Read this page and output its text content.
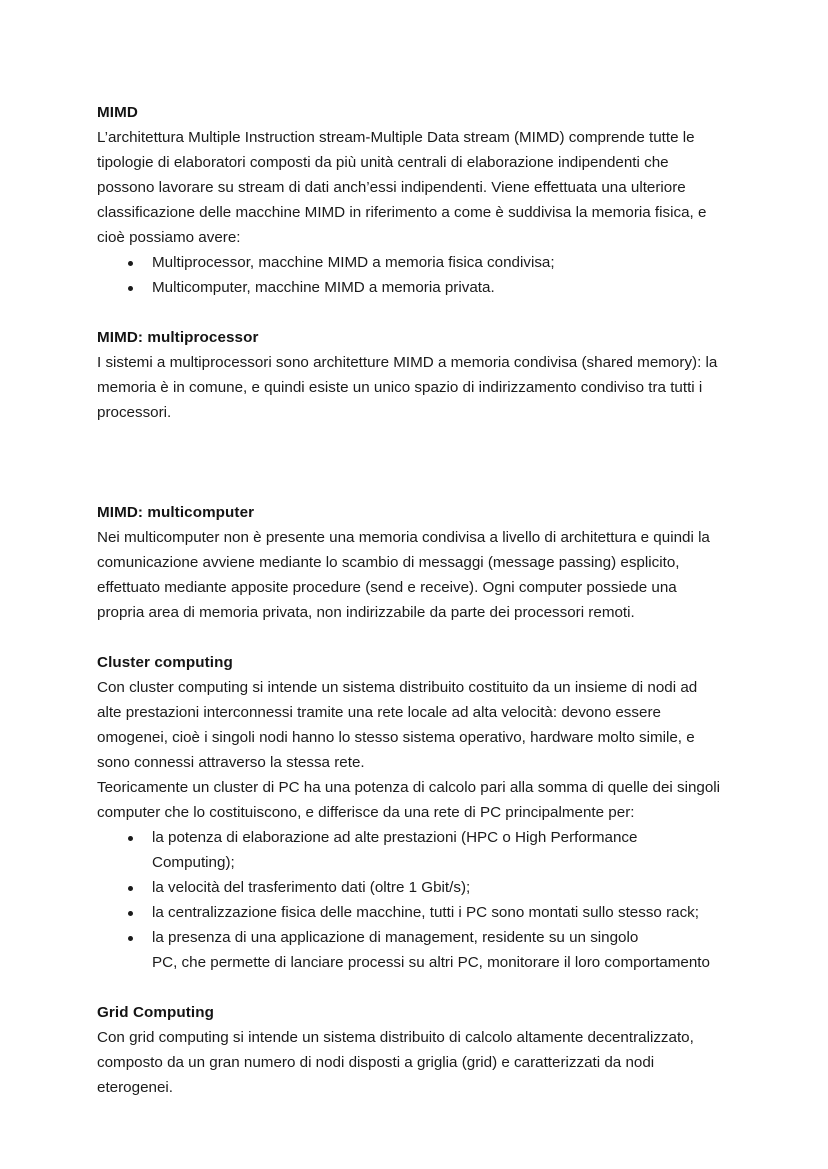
MIMD

L’architettura Multiple Instruction stream-Multiple Data stream (MIMD) comprende tutte le tipologie di elaboratori composti da più unità centrali di elaborazione indipendenti che possono lavorare su stream di dati anch’essi indipendenti. Viene effettuata una ulteriore classificazione delle macchine MIMD in riferimento a come è suddivisa la memoria fisica, e cioè possiamo avere:

Multiprocessor, macchine MIMD a memoria fisica condivisa;
Multicomputer, macchine MIMD a memoria privata.
MIMD: multiprocessor

I sistemi a multiprocessori sono architetture MIMD a memoria condivisa (shared memory): la memoria è in comune, e quindi esiste un unico spazio di indirizzamento condiviso tra tutti i processori.

MIMD: multicomputer

Nei multicomputer non è presente una memoria condivisa a livello di architettura e quindi la comunicazione avviene mediante lo scambio di messaggi (message passing) esplicito, effettuato mediante apposite procedure (send e receive). Ogni computer possiede una propria area di memoria privata, non indirizzabile da parte dei processori remoti.

Cluster computing

Con cluster computing si intende un sistema distribuito costituito da un insieme di nodi ad alte prestazioni interconnessi tramite una rete locale ad alta velocità: devono essere omogenei, cioè i singoli nodi hanno lo stesso sistema operativo, hardware molto simile, e sono connessi attraverso la stessa rete.

Teoricamente un cluster di PC ha una potenza di calcolo pari alla somma di quelle dei singoli computer che lo costituiscono, e differisce da una rete di PC principalmente per:

la potenza di elaborazione ad alte prestazioni (HPC o High Performance Computing);
la velocità del trasferimento dati (oltre 1 Gbit/s);
la centralizzazione fisica delle macchine, tutti i PC sono montati sullo stesso rack;
la presenza di una applicazione di management, residente su un singolo
PC, che permette di lanciare processi su altri PC, monitorare il loro comportamento
Grid Computing

Con grid computing si intende un sistema distribuito di calcolo altamente decentralizzato, composto da un gran numero di nodi disposti a griglia (grid) e caratterizzati da nodi eterogenei.
